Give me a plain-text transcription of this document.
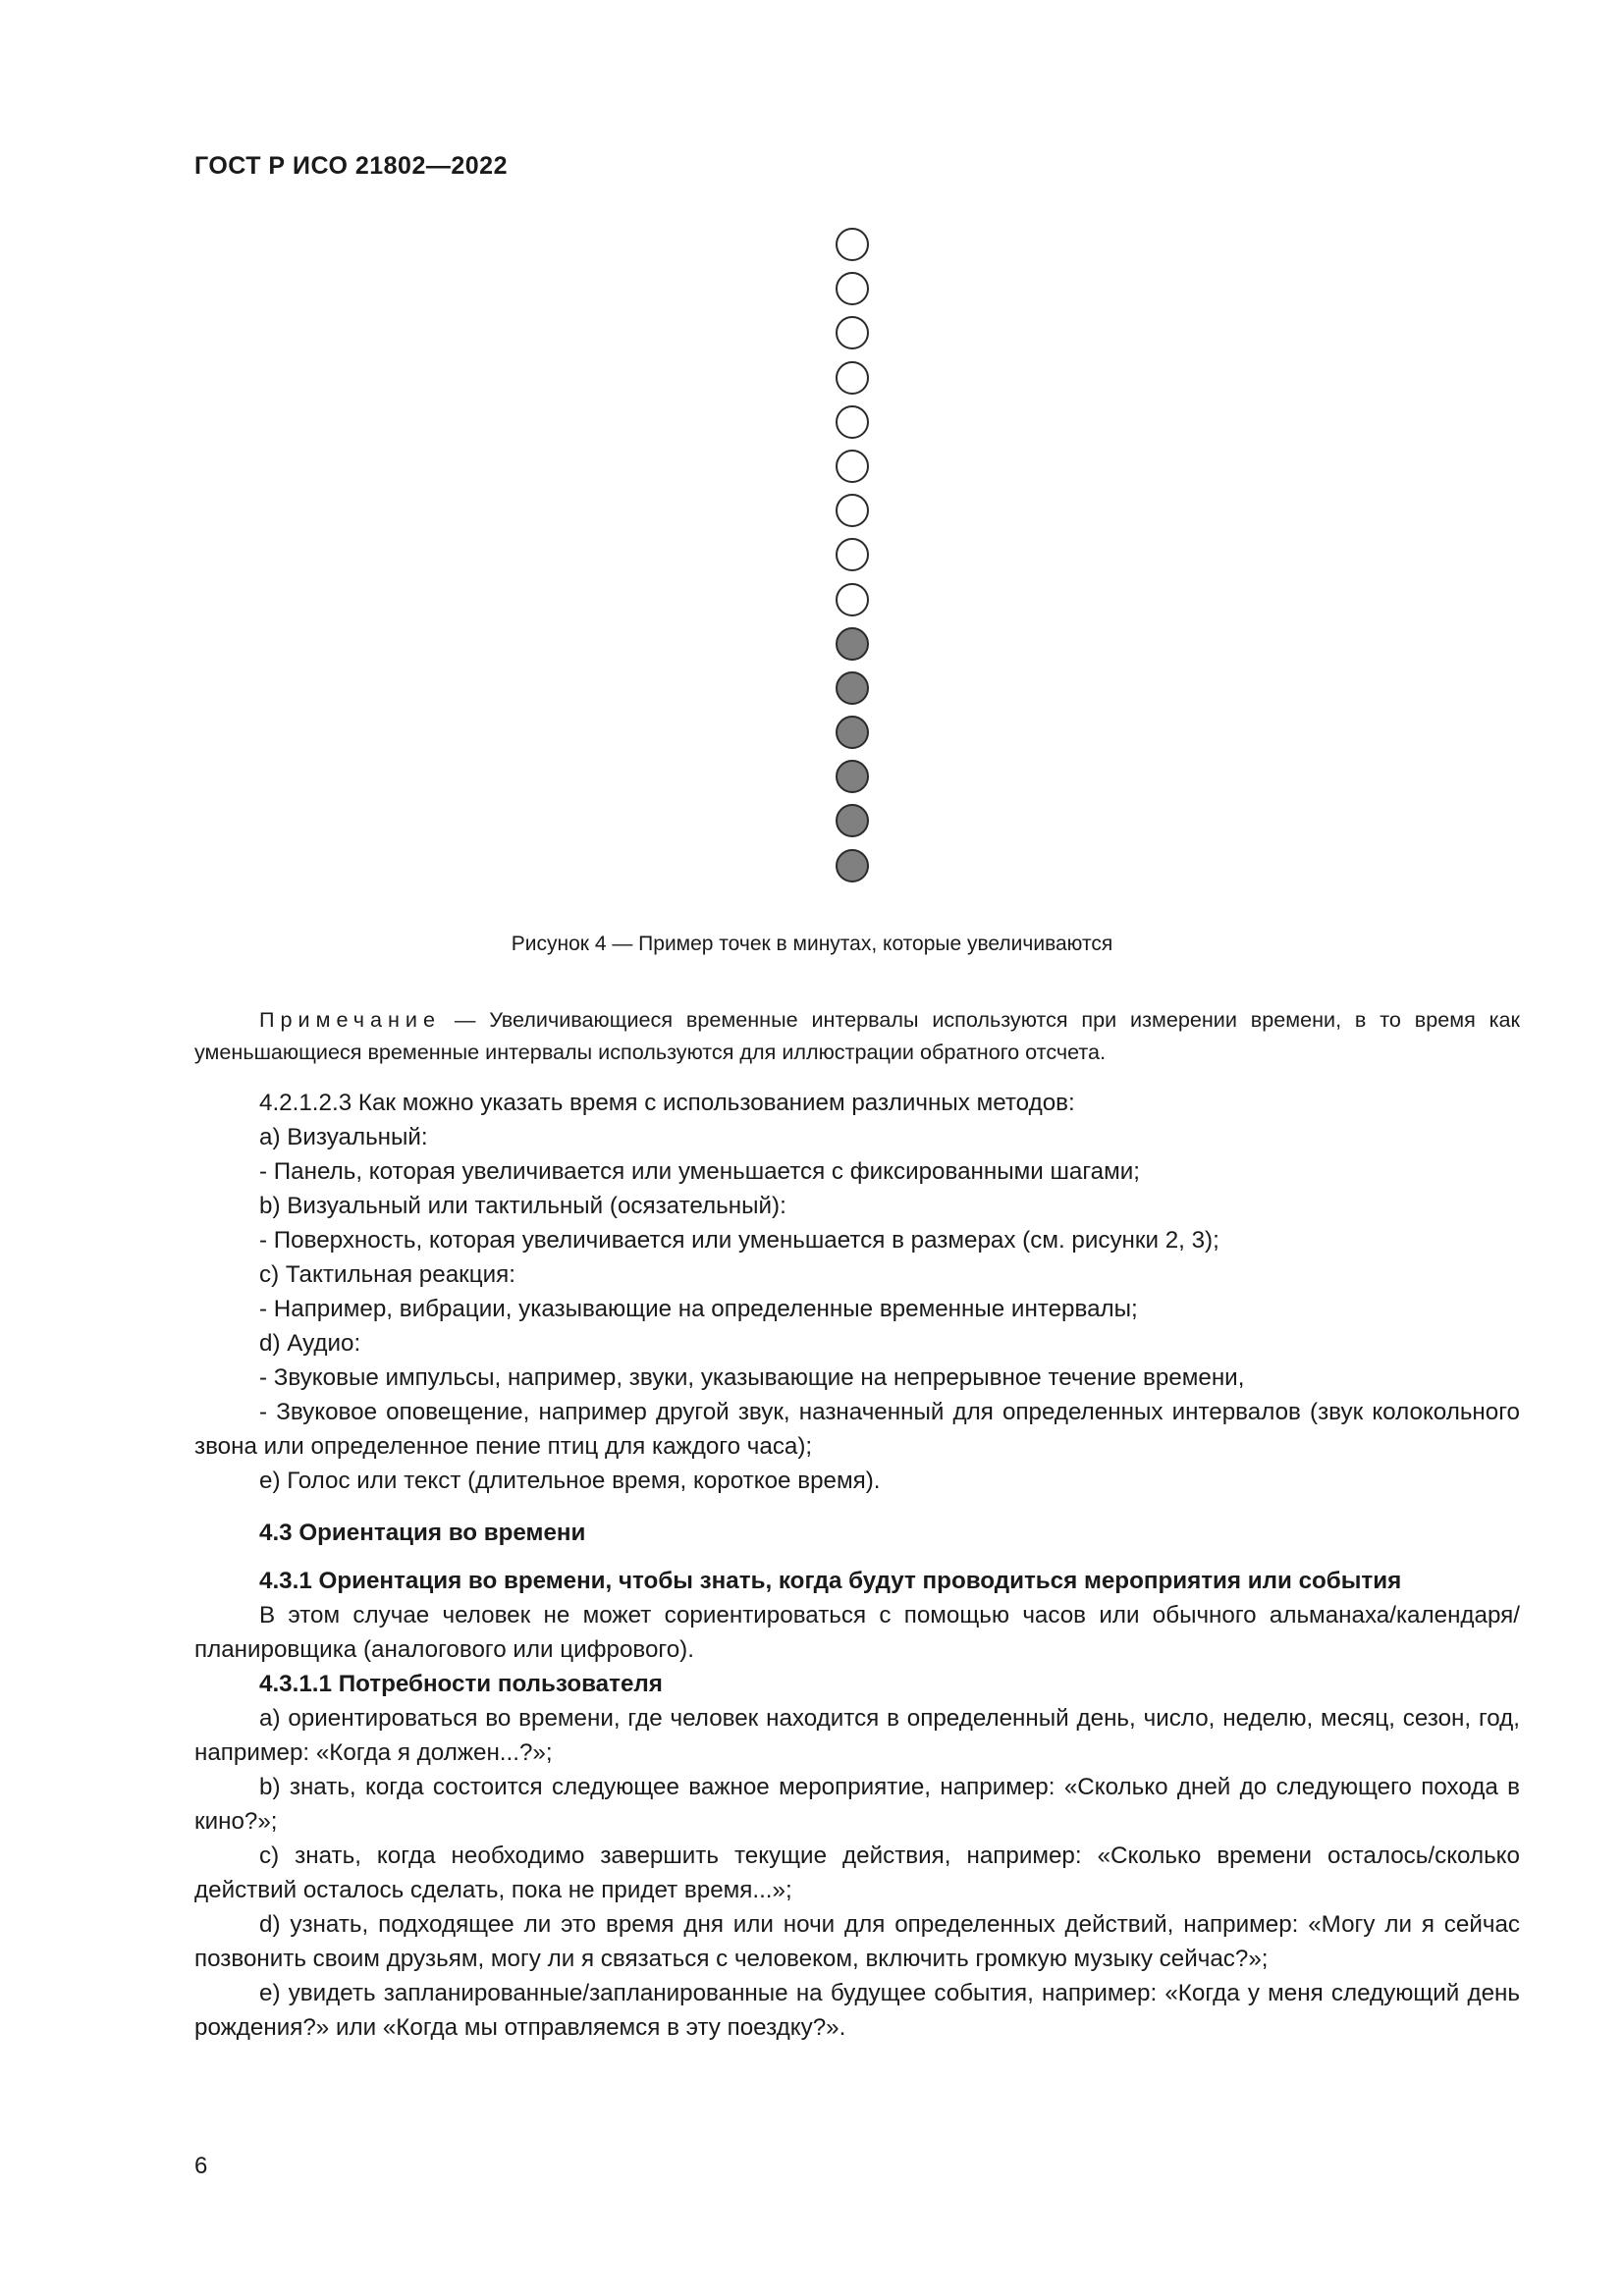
ГОСТ Р ИСО 21802—2022
Рисунок 4 — Пример точек в минутах, которые увеличиваются

Примечание — Увеличивающиеся временные интервалы используются при измерении времени, в то время как уменьшающиеся временные интервалы используются для иллюстрации обратного отсчета.

4.2.1.2.3 Как можно указать время с использованием различных методов:

a) Визуальный:

- Панель, которая увеличивается или уменьшается с фиксированными шагами;

b) Визуальный или тактильный (осязательный):

- Поверхность, которая увеличивается или уменьшается в размерах (см. рисунки 2, 3);

c) Тактильная реакция:

- Например, вибрации, указывающие на определенные временные интервалы;

d) Аудио:

- Звуковые импульсы, например, звуки, указывающие на непрерывное течение времени,

- Звуковое оповещение, например другой звук, назначенный для определенных интервалов (звук колокольного звона или определенное пение птиц для каждого часа);

e) Голос или текст (длительное время, короткое время).

4.3 Ориентация во времени

4.3.1 Ориентация во времени, чтобы знать, когда будут проводиться мероприятия или события

В этом случае человек не может сориентироваться с помощью часов или обычного альманаха/календаря/планировщика (аналогового или цифрового).

4.3.1.1 Потребности пользователя

a) ориентироваться во времени, где человек находится в определенный день, число, неделю, месяц, сезон, год, например: «Когда я должен...?»;

b) знать, когда состоится следующее важное мероприятие, например: «Сколько дней до следующего похода в кино?»;

c) знать, когда необходимо завершить текущие действия, например: «Сколько времени осталось/сколько действий осталось сделать, пока не придет время...»;

d) узнать, подходящее ли это время дня или ночи для определенных действий, например: «Могу ли я сейчас позвонить своим друзьям, могу ли я связаться с человеком, включить громкую музыку сейчас?»;

e) увидеть запланированные/запланированные на будущее события, например: «Когда у меня следующий день рождения?» или «Когда мы отправляемся в эту поездку?».

6
